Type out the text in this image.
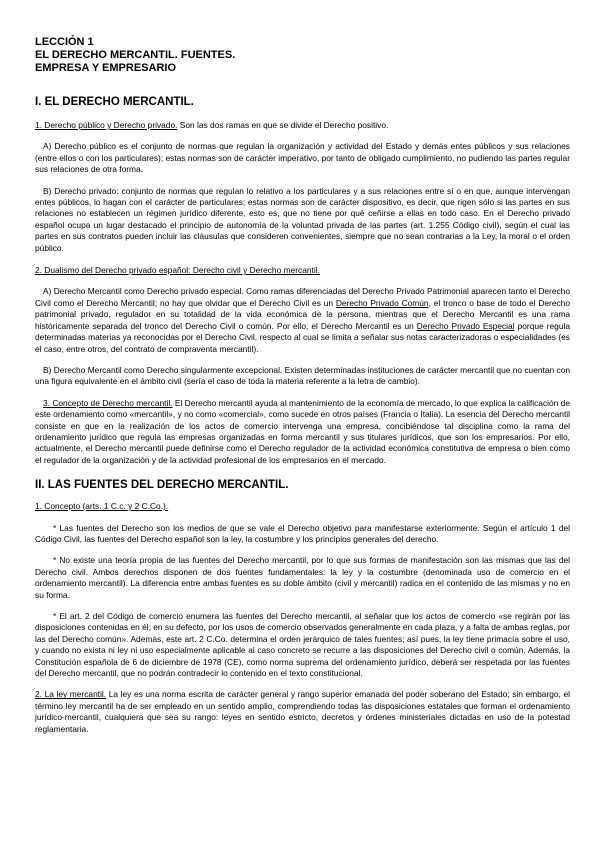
LECCIÓN 1

EL DERECHO MERCANTIL. FUENTES.

EMPRESA Y EMPRESARIO

I. EL DERECHO MERCANTIL.

1. Derecho público y Derecho privado. Son las dos ramas en que se divide el Derecho positivo.

A) Derecho público es el conjunto de normas que regulan la organización y actividad del Estado y demás entes públicos y sus relaciones (entre ellos o con los particulares); estas normas son de carácter imperativo, por tanto de obligado cumplimiento, no pudiendo las partes regular sus relaciones de otra forma.

B) Derecho privado: conjunto de normas que regulan lo relativo a los particulares y a sus relaciones entre sí o en que, aunque intervengan entes públicos, lo hagan con el carácter de particulares; estas normas son de carácter dispositivo, es decir, que rigen sólo si las partes en sus relaciones no establecen un régimen jurídico diferente, esto es, que no tiene por qué ceñirse a ellas en todo caso. En el Derecho privado español ocupa un lugar destacado el principio de autonomía de la voluntad privada de las partes (art. 1.255 Código civil), según el cual las partes en sus contratos pueden incluir las cláusulas que consideren convenientes, siempre que no sean contrarias a la Ley, la moral o el orden público.

2. Dualismo del Derecho privado español: Derecho civil y Derecho mercantil.

A) Derecho Mercantil como Derecho privado especial. Como ramas diferenciadas del Derecho Privado Patrimonial aparecen tanto el Derecho Civil como el Derecho Mercantil; no hay que olvidar que el Derecho Civil es un Derecho Privado Común, el tronco o base de todo el Derecho patrimonial privado, regulador en su totalidad de la vida económica de la persona, mientras que el Derecho Mercantil es una rama históricamente separada del tronco del Derecho Civil o común. Por ello, el Derecho Mercantil es un Derecho Privado Especial porque regula determinadas materias ya reconocidas por el Derecho Civil, respecto al cual se limita a señalar sus notas caracterizadoras o especialidades (es el caso, entre otros, del contrato de compraventa mercantil).

B) Derecho Mercantil como Derecho singularmente excepcional. Existen determinadas instituciones de carácter mercantil que no cuentan con una figura equivalente en el ámbito civil (sería el caso de toda la materia referente a la letra de cambio).

3. Concepto de Derecho mercantil. El Derecho mercantil ayuda al mantenimiento de la economía de mercado, lo que explica la calificación de este ordenamiento como «mercantil», y no como «comercial», como sucede en otros países (Francia o Italia). La esencia del Derecho mercantil consiste en que en la realización de los actos de comercio intervenga una empresa, concibiéndose tal disciplina como la rama del ordenamiento jurídico que regula las empresas organizadas en forma mercantil y sus titulares jurídicos, que son los empresarios. Por ello, actualmente, el Derecho mercantil puede definirse como el Derecho regulador de la actividad económica constitutiva de empresa o bien como el regulador de la organización y de la actividad profesional de los empresarios en el mercado.

II. LAS FUENTES DEL DERECHO MERCANTIL.

1. Concepto (arts. 1 C.c. y 2 C.Co.).

* Las fuentes del Derecho son los medios de que se vale el Derecho objetivo para manifestarse exteriormente. Según el artículo 1 del Código Civil, las fuentes del Derecho español son la ley, la costumbre y los principios generales del derecho.

* No existe una teoría propia de las fuentes del Derecho mercantil, por lo que sus formas de manifestación son las mismas que las del Derecho civil. Ambos derechos disponen de dos fuentes fundamentales: la ley y la costumbre (denominada uso de comercio en el ordenamiento mercantil). La diferencia entre ambas fuentes es su doble ámbito (civil y mercantil) radica en el contenido de las mismas y no en su forma.

* El art. 2 del Código de comercio enumera las fuentes del Derecho mercantil, al señalar que los actos de comercio «se regirán por las disposiciones contenidas en él; en su defecto, por los usos de comercio observados generalmente en cada plaza, y a falta de ambas reglas, por las del Derecho común». Además, este art. 2 C.Co. determina el orden jerárquico de tales fuentes; así pues, la ley tiene primacía sobre el uso, y cuando no exista ni ley ni uso especialmente aplicable al caso concreto se recurre a las disposiciones del Derecho civil o común. Además, la Constitución española de 6 de diciembre de 1978 (CE), como norma suprema del ordenamiento jurídico, deberá ser respetada por las fuentes del Derecho mercantil, que no podrán contradecir lo contenido en el texto constitucional.

2. La ley mercantil. La ley es una norma escrita de carácter general y rango superior emanada del poder soberano del Estado; sin embargo, el término ley mercantil ha de ser empleado en un sentido amplio, comprendiendo todas las disposiciones estatales que forman el ordenamiento jurídico-mercantil, cualquiera que sea su rango: leyes en sentido estricto, decretos y órdenes ministeriales dictadas en uso de la potestad reglamentaria.
